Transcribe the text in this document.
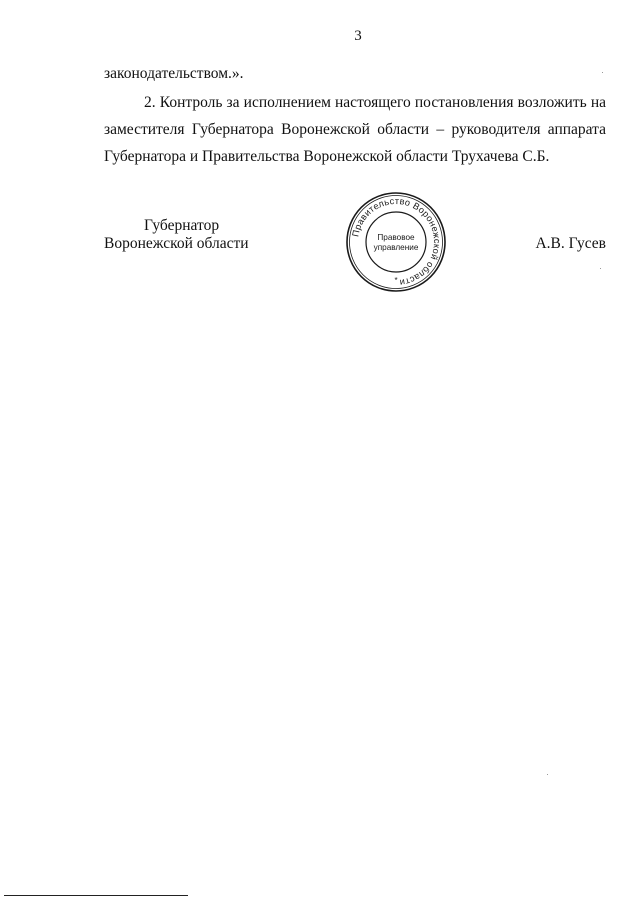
3
законодательством.».
2. Контроль за исполнением настоящего постановления возложить на заместителя Губернатора Воронежской области – руководителя аппарата Губернатора и Правительства Воронежской области Трухачева С.Б.
Губернатор
Воронежской области	А.В. Гусев
Правительство Воронежской области
Правовое
управление
*
